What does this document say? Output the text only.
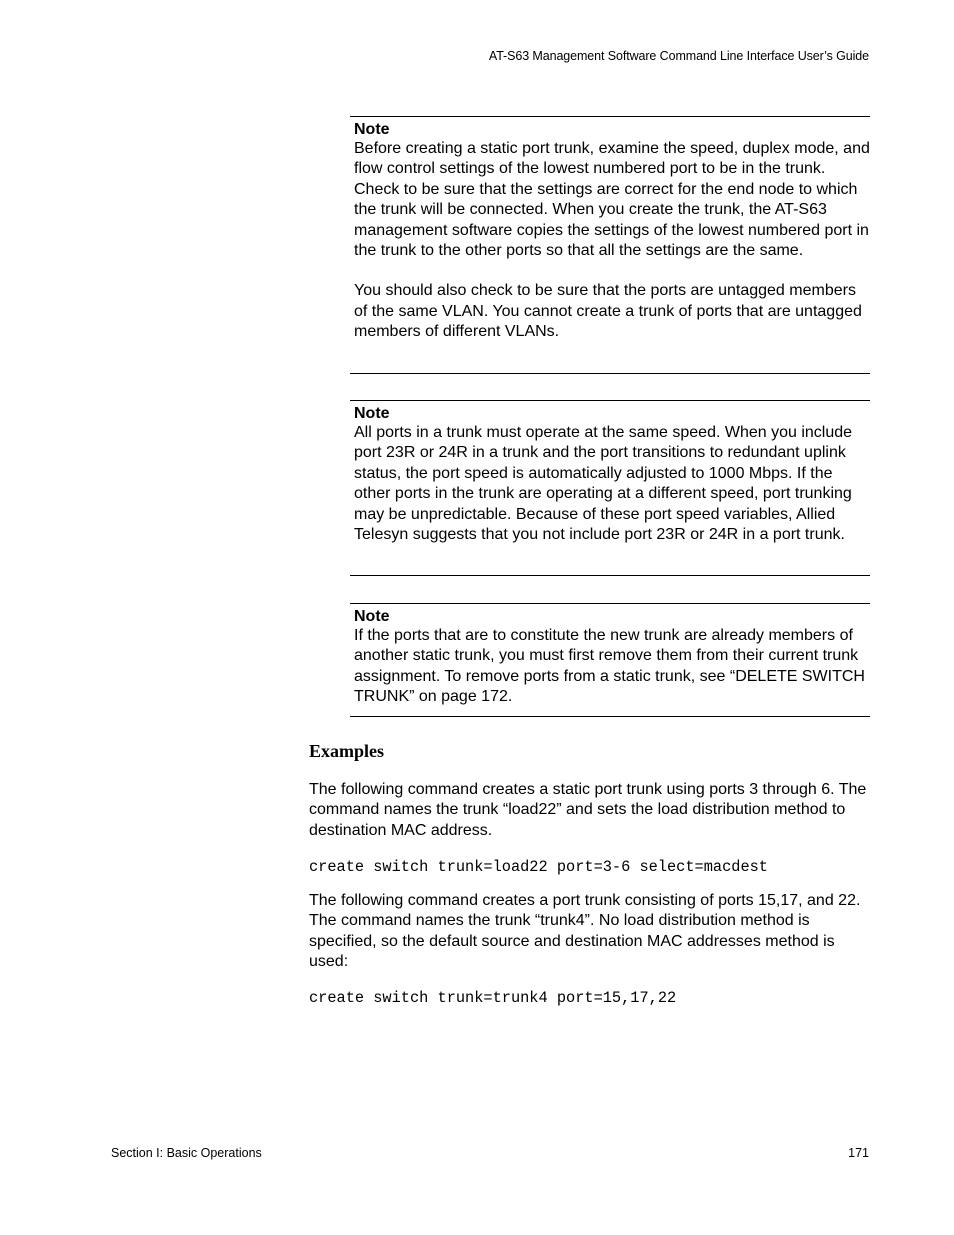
AT-S63 Management Software Command Line Interface User’s Guide
Note

Before creating a static port trunk, examine the speed, duplex mode, and flow control settings of the lowest numbered port to be in the trunk. Check to be sure that the settings are correct for the end node to which the trunk will be connected. When you create the trunk, the AT-S63 management software copies the settings of the lowest numbered port in the trunk to the other ports so that all the settings are the same.

You should also check to be sure that the ports are untagged members of the same VLAN. You cannot create a trunk of ports that are untagged members of different VLANs.

Note

All ports in a trunk must operate at the same speed. When you include port 23R or 24R in a trunk and the port transitions to redundant uplink status, the port speed is automatically adjusted to 1000 Mbps. If the other ports in the trunk are operating at a different speed, port trunking may be unpredictable. Because of these port speed variables, Allied Telesyn suggests that you not include port 23R or 24R in a port trunk.

Note

If the ports that are to constitute the new trunk are already members of another static trunk, you must first remove them from their current trunk assignment. To remove ports from a static trunk, see “DELETE SWITCH TRUNK” on page 172.

Examples

The following command creates a static port trunk using ports 3 through 6. The command names the trunk “load22” and sets the load distribution method to destination MAC address.

create switch trunk=load22 port=3-6 select=macdest

The following command creates a port trunk consisting of ports 15,17, and 22. The command names the trunk “trunk4”. No load distribution method is specified, so the default source and destination MAC addresses method is used:

create switch trunk=trunk4 port=15,17,22
Section I: Basic Operations	171
